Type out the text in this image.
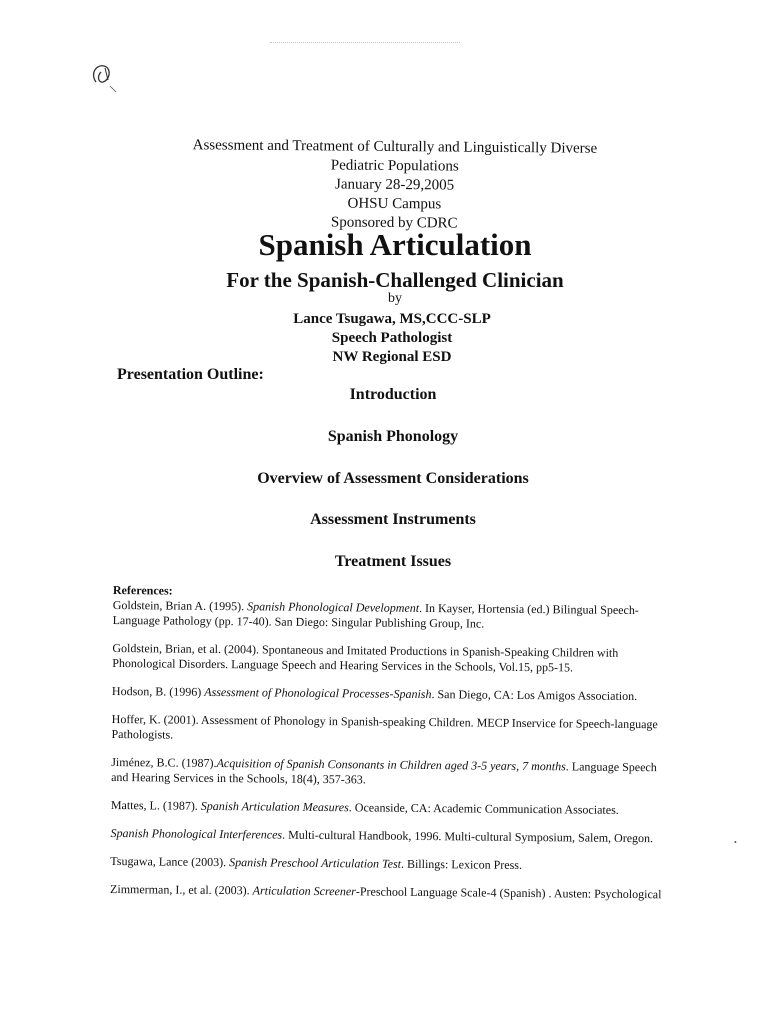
Assessment and Treatment of Culturally and Linguistically Diverse
Pediatric Populations
January 28-29,2005
OHSU Campus
Sponsored by CDRC
Spanish Articulation
For the Spanish-Challenged Clinician
by
Lance Tsugawa, MS,CCC-SLP
Speech Pathologist
NW Regional ESD
Presentation Outline:
Introduction
Spanish Phonology
Overview of Assessment Considerations
Assessment Instruments
Treatment Issues
References:

Goldstein, Brian A. (1995). Spanish Phonological Development. In Kayser, Hortensia (ed.) Bilingual Speech-Language Pathology (pp. 17-40). San Diego: Singular Publishing Group, Inc.

Goldstein, Brian, et al. (2004). Spontaneous and Imitated Productions in Spanish-Speaking Children with Phonological Disorders. Language Speech and Hearing Services in the Schools, Vol.15, pp5-15.

Hodson, B. (1996) Assessment of Phonological Processes-Spanish. San Diego, CA: Los Amigos Association.

Hoffer, K. (2001). Assessment of Phonology in Spanish-speaking Children. MECP Inservice for Speech-language Pathologists.

Jiménez, B.C. (1987).Acquisition of Spanish Consonants in Children aged 3-5 years, 7 months. Language Speech and Hearing Services in the Schools, 18(4), 357-363.

Mattes, L. (1987). Spanish Articulation Measures. Oceanside, CA: Academic Communication Associates.

Spanish Phonological Interferences. Multi-cultural Handbook, 1996. Multi-cultural Symposium, Salem, Oregon.

Tsugawa, Lance (2003). Spanish Preschool Articulation Test. Billings: Lexicon Press.

Zimmerman, I., et al. (2003). Articulation Screener-Preschool Language Scale-4 (Spanish) . Austen: Psychological

•
